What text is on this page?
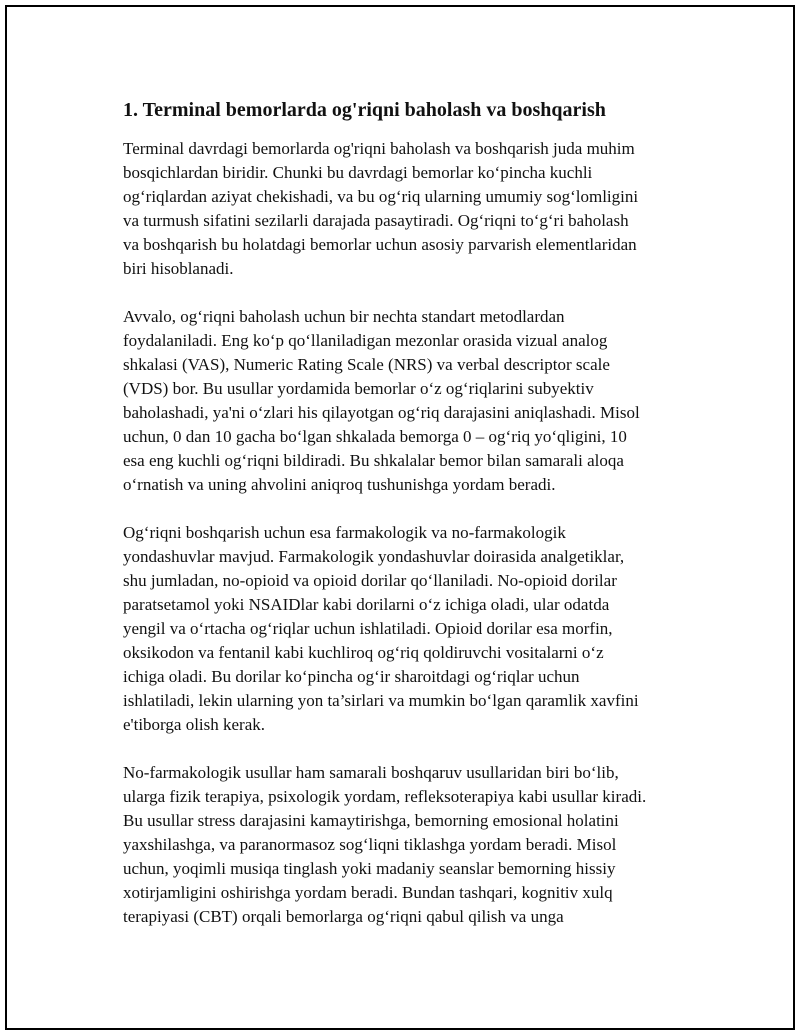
1. Terminal bemorlarda og'riqni baholash va boshqarish

Terminal davrdagi bemorlarda og'riqni baholash va boshqarish juda muhim
bosqichlardan biridir. Chunki bu davrdagi bemorlar ko‘pincha kuchli
og‘riqlardan aziyat chekishadi, va bu og‘riq ularning umumiy sog‘lomligini
va turmush sifatini sezilarli darajada pasaytiradi. Og‘riqni to‘g‘ri baholash
va boshqarish bu holatdagi bemorlar uchun asosiy parvarish elementlaridan
biri hisoblanadi.

Avvalo, og‘riqni baholash uchun bir nechta standart metodlardan
foydalaniladi. Eng ko‘p qo‘llaniladigan mezonlar orasida vizual analog
shkalasi (VAS), Numeric Rating Scale (NRS) va verbal descriptor scale
(VDS) bor. Bu usullar yordamida bemorlar o‘z og‘riqlarini subyektiv
baholashadi, ya'ni o‘zlari his qilayotgan og‘riq darajasini aniqlashadi. Misol
uchun, 0 dan 10 gacha bo‘lgan shkalada bemorga 0 – og‘riq yo‘qligini, 10
esa eng kuchli og‘riqni bildiradi. Bu shkalalar bemor bilan samarali aloqa
o‘rnatish va uning ahvolini aniqroq tushunishga yordam beradi.

Og‘riqni boshqarish uchun esa farmakologik va no-farmakologik
yondashuvlar mavjud. Farmakologik yondashuvlar doirasida analgetiklar,
shu jumladan, no-opioid va opioid dorilar qo‘llaniladi. No-opioid dorilar
paratsetamol yoki NSAIDlar kabi dorilarni o‘z ichiga oladi, ular odatda
yengil va o‘rtacha og‘riqlar uchun ishlatiladi. Opioid dorilar esa morfin,
oksikodon va fentanil kabi kuchliroq og‘riq qoldiruvchi vositalarni o‘z
ichiga oladi. Bu dorilar ko‘pincha og‘ir sharoitdagi og‘riqlar uchun
ishlatiladi, lekin ularning yon ta’sirlari va mumkin bo‘lgan qaramlik xavfini
e'tiborga olish kerak.

No-farmakologik usullar ham samarali boshqaruv usullaridan biri bo‘lib,
ularga fizik terapiya, psixologik yordam, refleksoterapiya kabi usullar kiradi.
Bu usullar stress darajasini kamaytirishga, bemorning emosional holatini
yaxshilashga, va paranormasoz sog‘liqni tiklashga yordam beradi. Misol
uchun, yoqimli musiqa tinglash yoki madaniy seanslar bemorning hissiy
xotirjamligini oshirishga yordam beradi. Bundan tashqari, kognitiv xulq
terapiyasi (CBT) orqali bemorlarga og‘riqni qabul qilish va unga
